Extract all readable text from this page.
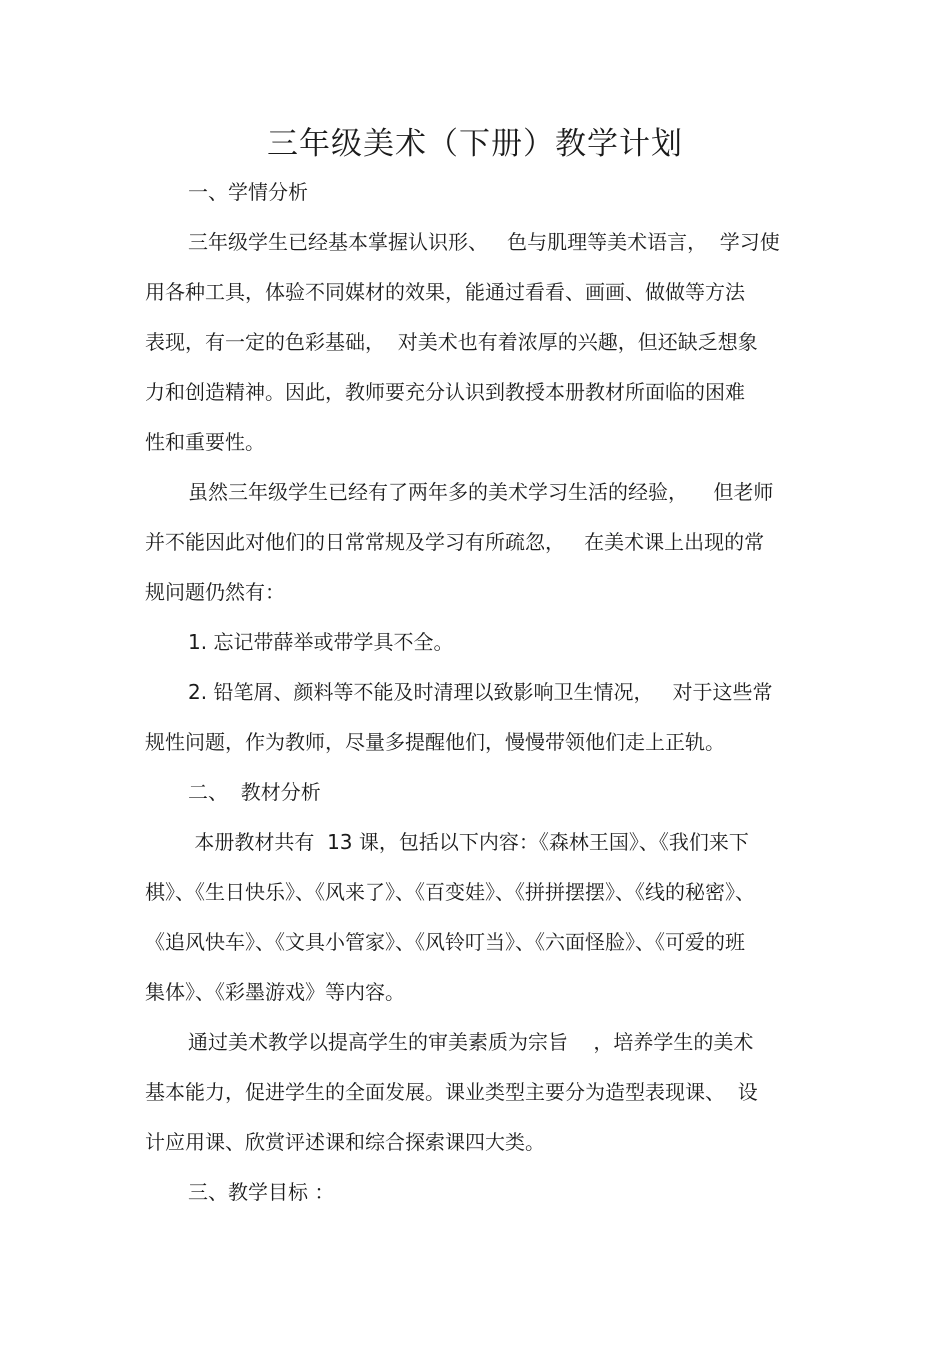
三年级美术（下册）教学计划

一、学情分析

三年级学生已经基本掌握认识形、   色与肌理等美术语言，  学习使

用各种工具，体验不同媒材的效果，能通过看看、画画、做做等方法

表现，有一定的色彩基础，  对美术也有着浓厚的兴趣，但还缺乏想象

力和创造精神。因此，教师要充分认识到教授本册教材所面临的困难

性和重要性。

虽然三年级学生已经有了两年多的美术学习生活的经验，    但老师

并不能因此对他们的日常常规及学习有所疏忽，   在美术课上出现的常

规问题仍然有：

1. 忘记带薛举或带学具不全。

2. 铅笔屑、颜料等不能及时清理以致影响卫生情况，   对于这些常

规性问题，作为教师，尽量多提醒他们，慢慢带领他们走上正轨。

二、  教材分析

本册教材共有  13 课，包括以下内容：《森林王国》、《我们来下

棋》、《生日快乐》、《风来了》、《百变娃》、《拼拼摆摆》、《线的秘密》、

《追风快车》、《文具小管家》、《风铃叮当》、《六面怪脸》、《可爱的班

集体》、《彩墨游戏》等内容。

通过美术教学以提高学生的审美素质为宗旨    ，培养学生的美术

基本能力，促进学生的全面发展。课业类型主要分为造型表现课、  设

计应用课、欣赏评述课和综合探索课四大类。

三、教学目标 ：
